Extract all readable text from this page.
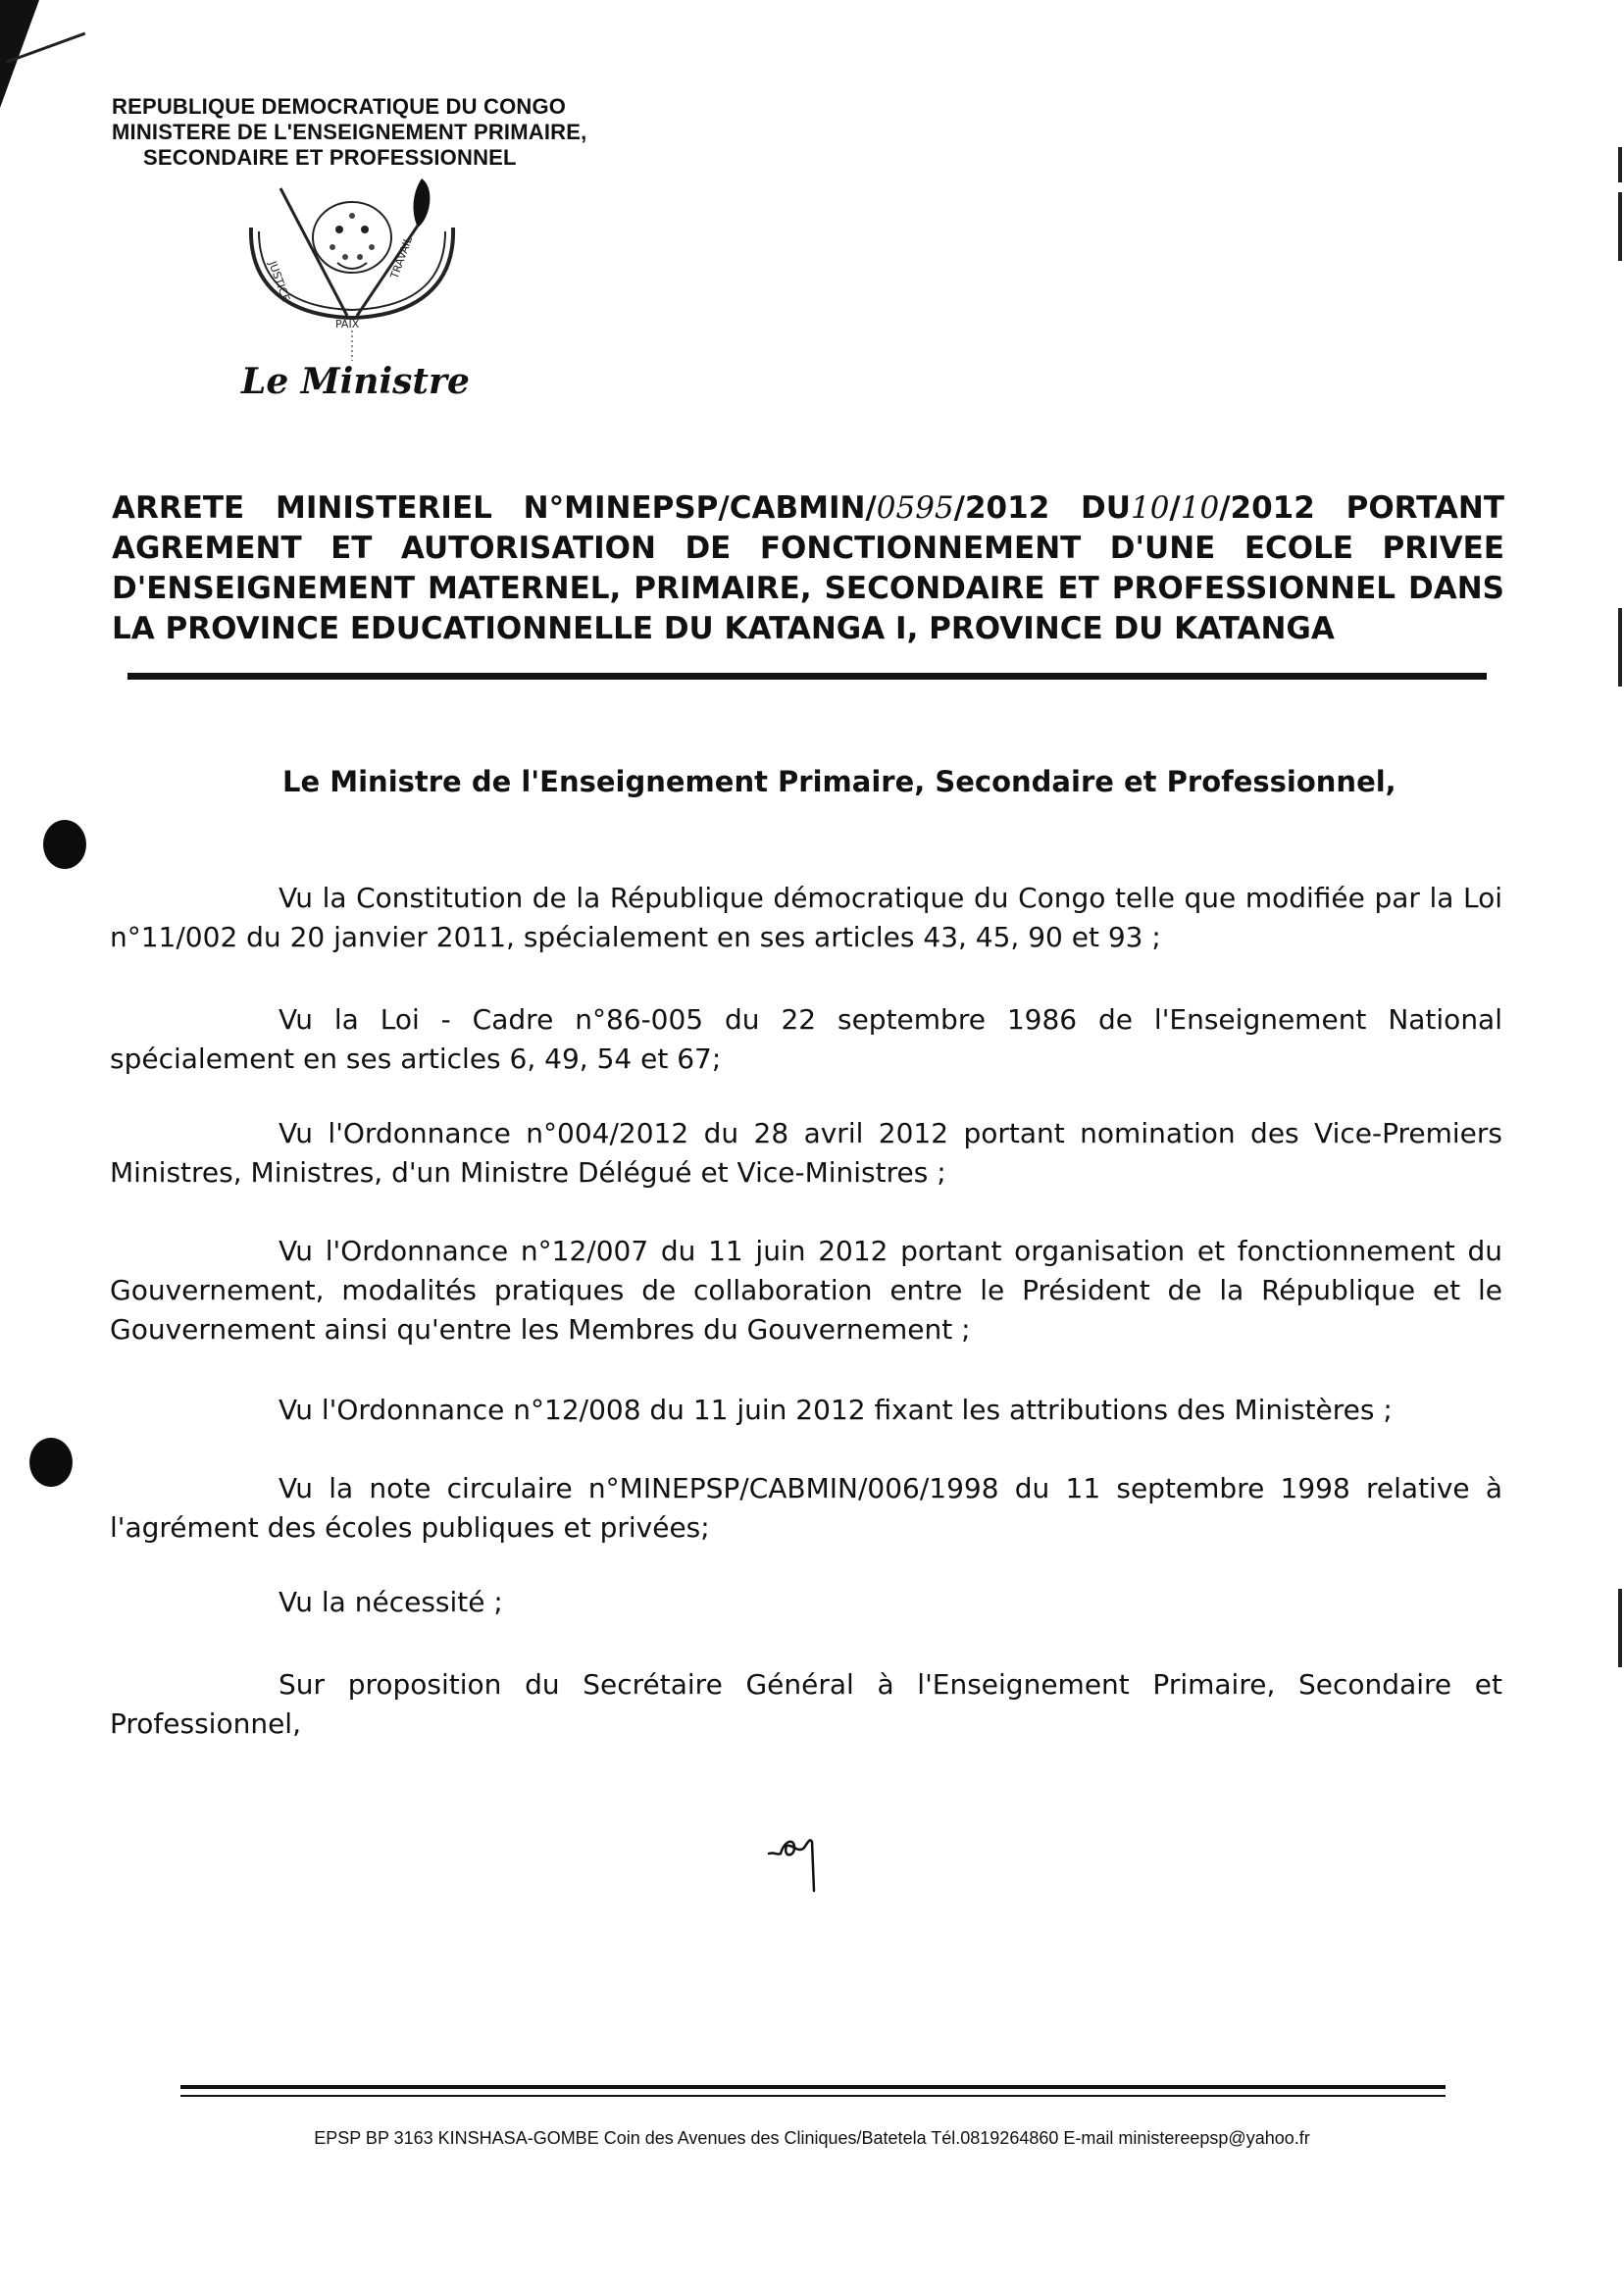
REPUBLIQUE DEMOCRATIQUE DU CONGO
MINISTERE DE L'ENSEIGNEMENT PRIMAIRE,
SECONDAIRE ET PROFESSIONNEL
JUSTICE
PAIX
TRAVAIL
Le Ministre
ARRETE MINISTERIEL N°MINEPSP/CABMIN/0595/2012 DU10/10/2012 PORTANT
AGREMENT ET AUTORISATION DE FONCTIONNEMENT D'UNE ECOLE PRIVEE
D'ENSEIGNEMENT MATERNEL, PRIMAIRE, SECONDAIRE ET PROFESSIONNEL DANS
LA PROVINCE EDUCATIONNELLE DU KATANGA I, PROVINCE DU KATANGA
Le Ministre de l'Enseignement Primaire, Secondaire et Professionnel,
Vu la Constitution de la République démocratique du Congo telle que modifiée par la Loi n°11/002 du 20 janvier 2011, spécialement en ses articles 43, 45, 90 et 93 ;
Vu la Loi - Cadre n°86-005 du 22 septembre 1986 de l'Enseignement National spécialement en ses articles 6, 49, 54 et 67;
Vu l'Ordonnance n°004/2012 du 28 avril 2012 portant nomination des Vice-Premiers Ministres, Ministres, d'un Ministre Délégué et Vice-Ministres ;
Vu l'Ordonnance n°12/007 du 11 juin 2012 portant organisation et fonctionnement du Gouvernement, modalités pratiques de collaboration entre le Président de la République et le Gouvernement ainsi qu'entre les Membres du Gouvernement ;
Vu l'Ordonnance n°12/008 du 11 juin 2012 fixant les attributions des Ministères ;
Vu la note circulaire n°MINEPSP/CABMIN/006/1998 du 11 septembre 1998 relative à l'agrément des écoles publiques et privées;
Vu la nécessité ;
Sur proposition du Secrétaire Général à l'Enseignement Primaire, Secondaire et Professionnel,
EPSP BP 3163 KINSHASA-GOMBE Coin des Avenues des Cliniques/Batetela Tél.0819264860 E-mail ministereepsp@yahoo.fr
